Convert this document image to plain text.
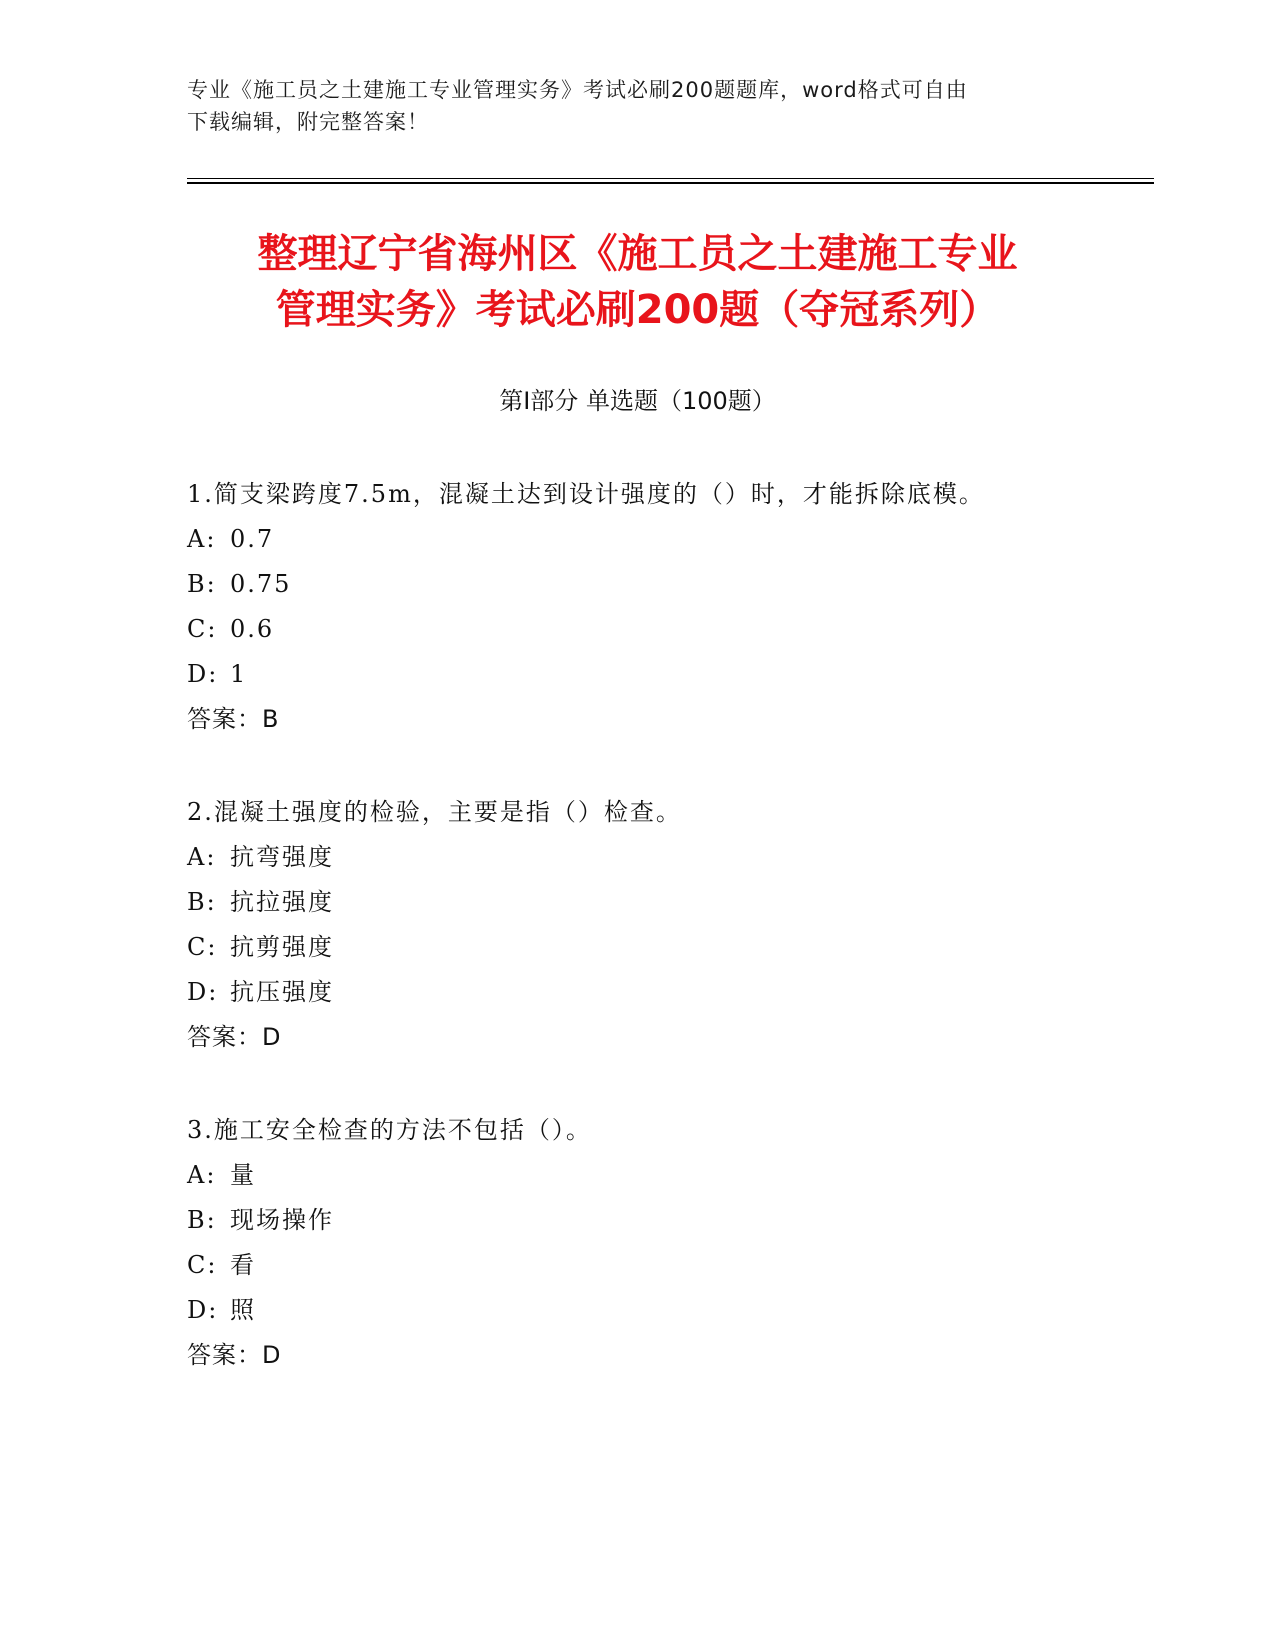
专业《施工员之土建施工专业管理实务》考试必刷200题题库，word格式可自由
下载编辑，附完整答案！
整理辽宁省海州区《施工员之土建施工专业
管理实务》考试必刷200题（夺冠系列）
第Ⅰ部分 单选题（100题）
1.简支梁跨度7.5m，混凝土达到设计强度的（）时，才能拆除底模。
A: 0.7
B: 0.75
C: 0.6
D: 1
答案：B
2.混凝土强度的检验，主要是指（）检查。
A: 抗弯强度
B: 抗拉强度
C: 抗剪强度
D: 抗压强度
答案：D
3.施工安全检查的方法不包括（）。
A: 量
B: 现场操作
C: 看
D: 照
答案：D
